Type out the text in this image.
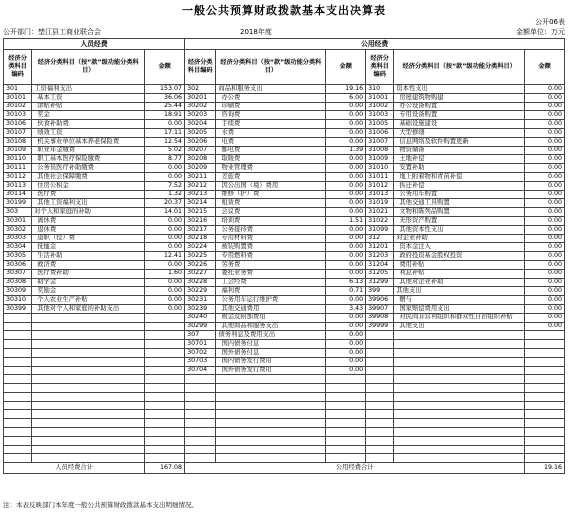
一般公共预算财政拨款基本支出决算表
公开06表
公开部门：埜江县工商业联合会	2018年度	金额单位：万元
人员经费			公用经费					
经济分类科目编码	经济分类科目（按“款”级功能分类科目）	金额	经济分类科目编码	经济分类科目（按“款”级功能分类科目）	金额	经济分类科目编码	经济分类科目（按“款”级功能分类科目）	金额
301	工资福利支出	153.07	302	商品和服务支出	19.16	310	资本性支出	0.00
30101	基本工资	36.06	30201	办公费	6.00	31001	房屋建筑物购建	0.00
30102	津贴补贴	25.44	30202	印刷费	0.00	31002	办公设备购置	0.00
30103	奖金	18.91	30203	咨询费	0.00	31003	专用设备购置	0.00
30106	伙食补助费	0.00	30204	手续费	0.00	31005	基础设施建设	0.00
30107	绩效工资	17.11	30205	水费	0.00	31006	大型修缮	0.00
30108	机关事业单位基本养老保险费	12.54	30206	电费	0.00	31007	信息网络及软件购置更新	0.00
30109	职业年金缴费	5.02	30207	邮电费	1.39	31008	物资储备	0.00
30110	职工基本医疗保险缴费	8.77	30208	取暖费	0.00	31009	土地补偿	0.00
30111	公务员医疗补助缴费	0.00	30209	物业管理费	0.00	31010	安置补助	0.00
30112	其他社会保障缴费	0.00	30211	差旅费	0.00	31011	地上附着物和青苗补偿	0.00
30113	住房公积金	7.52	30212	因公出国（境）费用	0.00	31012	拆迁补偿	0.00
30114	医疗费	1.32	30213	维修（护）费	0.00	31013	公务用车购置	0.00
30199	其他工资福利支出	20.37	30214	租赁费	0.00	31019	其他交通工具购置	0.00
303	对个人和家庭的补助	14.01	30215	会议费	0.00	31021	文物和陈列品购置	0.00
30301	离休费	0.00	30216	培训费	1.51	31022	无形资产购置	0.00
30302	退休费	0.00	30217	公务接待费	0.00	31099	其他资本性支出	0.00
30303	退职（役）费	0.00	30218	专用材料费	0.00	312	对企业补助	0.00
30304	抚恤金	0.00	30224	被装购置费	0.00	31201	资本金注入	0.00
30305	生活补助	12.41	30225	专用燃料费	0.00	31203	政府投资基金股权投资	0.00
30306	救济费	0.00	30226	劳务费	0.00	31204	费用补贴	0.00
30307	医疗费补助	1.60	30227	委托业务费	0.00	31205	利息补贴	0.00
30308	助学金	0.00	30228	工会经费	6.13	31299	其他对企业补助	0.00
30309	奖励金	0.00	30229	福利费	0.71	399	其他支出	0.00
30310	个人农业生产补贴	0.00	30231	公务用车运行维护费	0.00	39906	赠与	0.00
30399	其他对个人和家庭的补助支出	0.00	30239	其他交通费用	3.43	39907	国家赔偿费用支出	0.00
			30240	税金及附加费用	0.00	39908	对民间非营利组织和群众性自治组织补贴	0.00
			30299	其他商品和服务支出	0.00	39999	其他支出	0.00
			307	债务利息及费用支出	0.00			
			30701	国内债务付息	0.00			
			30702	国外债务付息	0.00			
			30703	国内债务发行费用	0.00			
			30704	国外债务发行费用	0.00			

人员经费合计		167.08	公用经费合计					19.16
注：本表反映部门本年度一般公共预算财政拨款基本支出明细情况。
